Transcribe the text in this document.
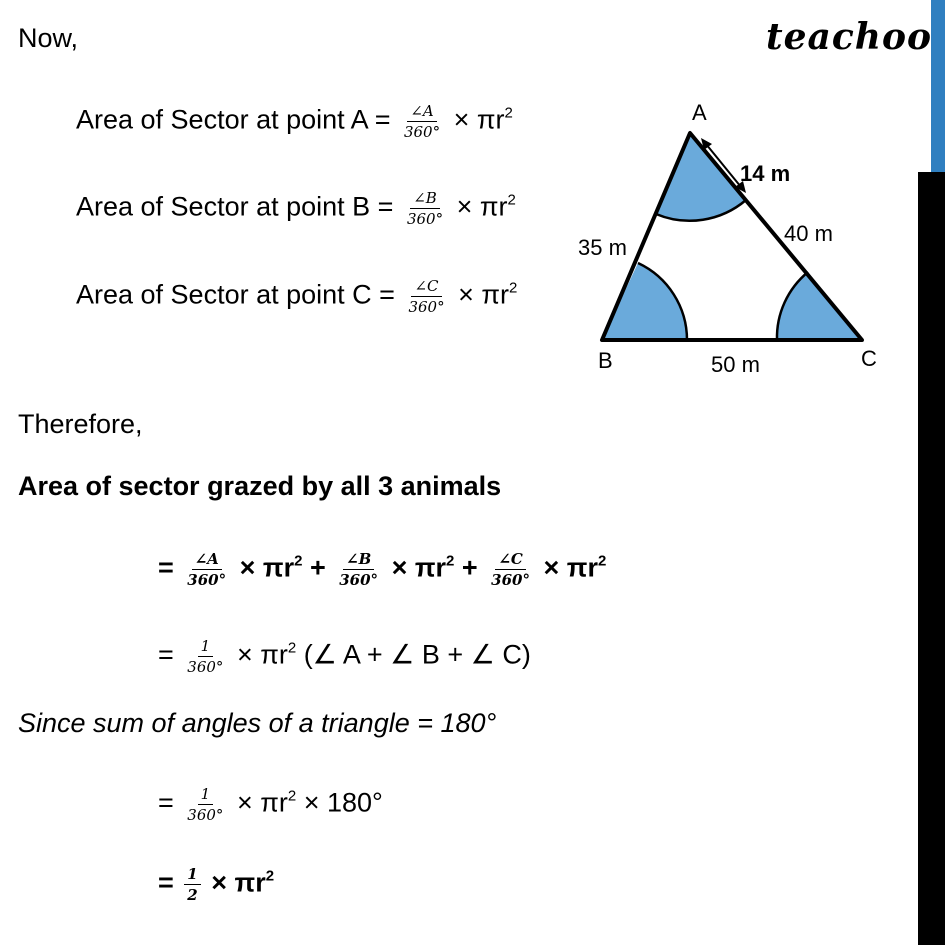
teachoo
Now,
Area of Sector at point $A = \frac{\angle A}{360^\circ} \times \pi r^2$
Area of Sector at point $B = \frac{\angle B}{360^\circ} \times \pi r^2$
Area of Sector at point $C = \frac{\angle C}{360^\circ} \times \pi r^2$
A
B	C
35 m
40 m
50 m
14 m
Therefore,
Area of sector grazed by all 3 animals
= $\frac{\angle A}{360^\circ} \times \pi r^2 + \frac{\angle B}{360^\circ} \times \pi r^2 + \frac{\angle C}{360^\circ} \times \pi r^2$
= $\frac{1}{360^\circ} \times \pi r^2$ (∠ A + ∠ B + ∠ C)
Since sum of angles of a triangle = 180°
= $\frac{1}{360^\circ} \times \pi r^2 \times 180^\circ$
= $\frac{1}{2} \times \pi r^2$
